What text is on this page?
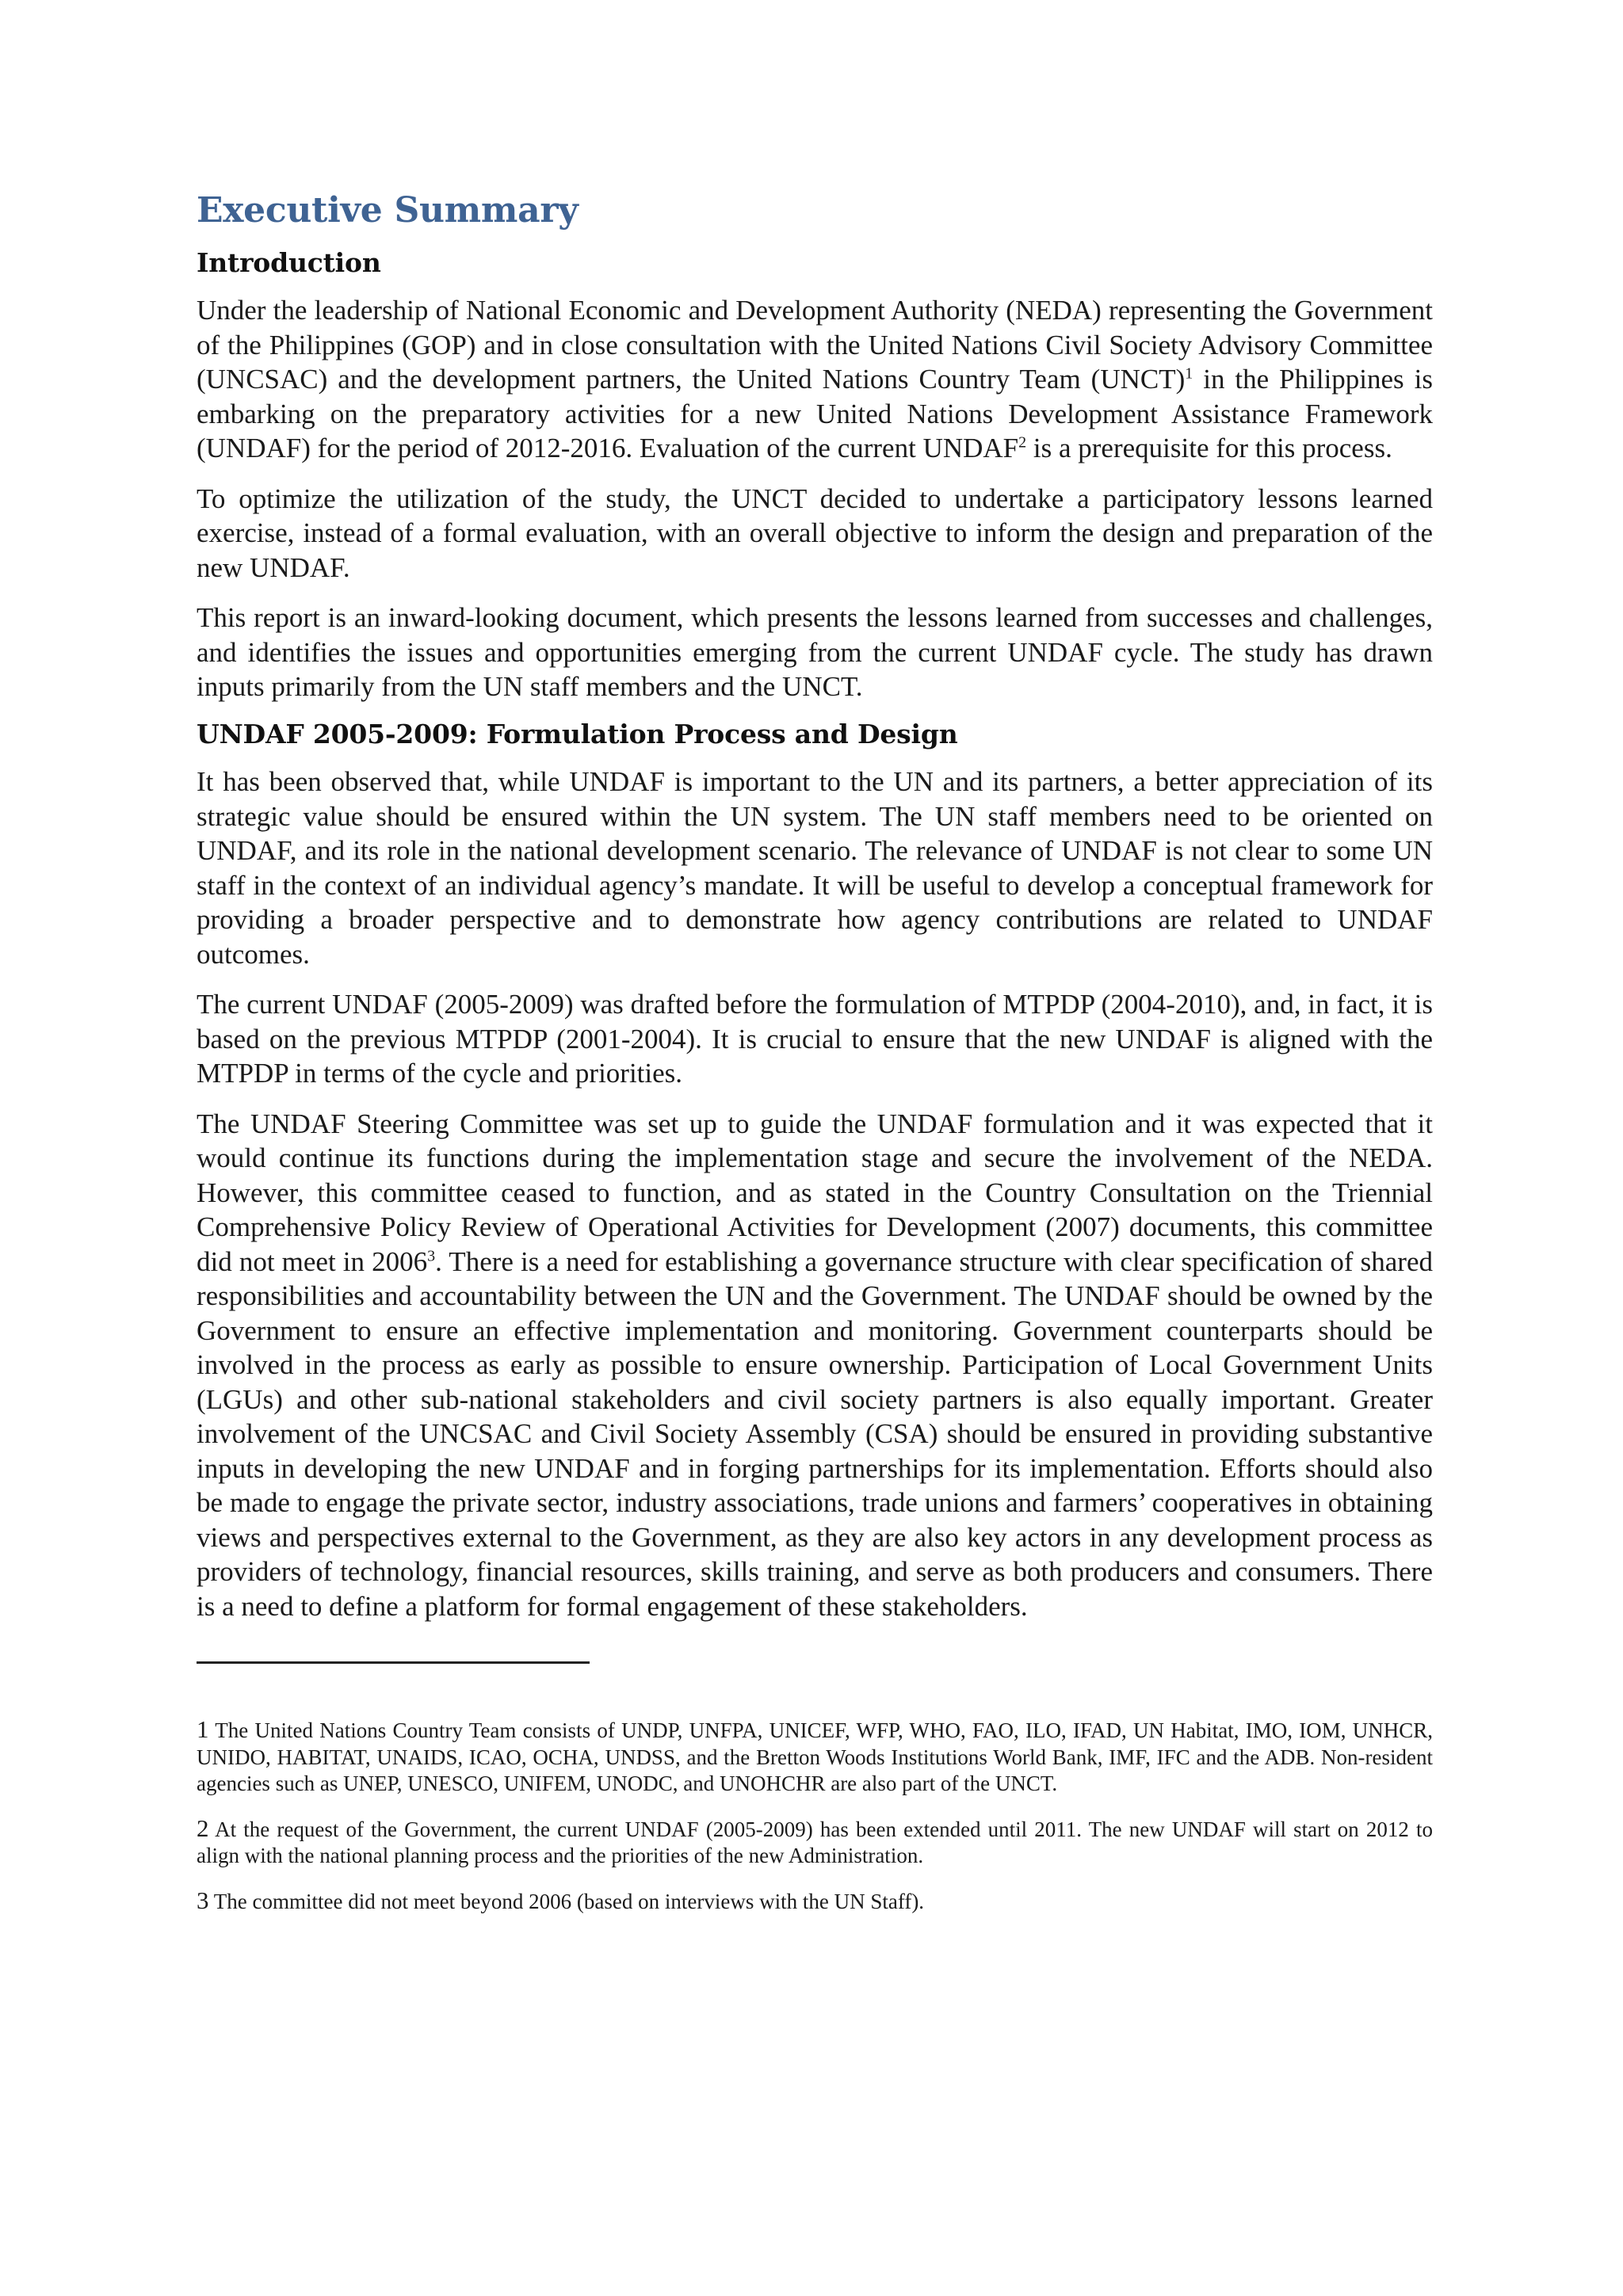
Executive Summary
Introduction

Under the leadership of National Economic and Development Authority (NEDA) representing the Government of the Philippines (GOP) and in close consultation with the United Nations Civil Society Advisory Committee (UNCSAC) and the development partners, the United Nations Country Team (UNCT)$^1$ in the Philippines is embarking on the preparatory activities for a new United Nations Development Assistance Framework (UNDAF) for the period of 2012-2016. Evaluation of the current UNDAF$^2$ is a prerequisite for this process.

To optimize the utilization of the study, the UNCT decided to undertake a participatory lessons learned exercise, instead of a formal evaluation, with an overall objective to inform the design and preparation of the new UNDAF.

This report is an inward-looking document, which presents the lessons learned from successes and challenges, and identifies the issues and opportunities emerging from the current UNDAF cycle. The study has drawn inputs primarily from the UN staff members and the UNCT.

UNDAF 2005-2009: Formulation Process and Design

It has been observed that, while UNDAF is important to the UN and its partners, a better appreciation of its strategic value should be ensured within the UN system. The UN staff members need to be oriented on UNDAF, and its role in the national development scenario. The relevance of UNDAF is not clear to some UN staff in the context of an individual agency’s mandate. It will be useful to develop a conceptual framework for providing a broader perspective and to demonstrate how agency contributions are related to UNDAF outcomes.

The current UNDAF (2005-2009) was drafted before the formulation of MTPDP (2004-2010), and, in fact, it is based on the previous MTPDP (2001-2004). It is crucial to ensure that the new UNDAF is aligned with the MTPDP in terms of the cycle and priorities.

The UNDAF Steering Committee was set up to guide the UNDAF formulation and it was expected that it would continue its functions during the implementation stage and secure the involvement of the NEDA. However, this committee ceased to function, and as stated in the Country Consultation on the Triennial Comprehensive Policy Review of Operational Activities for Development (2007) documents, this committee did not meet in 2006$^3$. There is a need for establishing a governance structure with clear specification of shared responsibilities and accountability between the UN and the Government. The UNDAF should be owned by the Government to ensure an effective implementation and monitoring. Government counterparts should be involved in the process as early as possible to ensure ownership. Participation of Local Government Units (LGUs) and other sub-national stakeholders and civil society partners is also equally important. Greater involvement of the UNCSAC and Civil Society Assembly (CSA) should be ensured in providing substantive inputs in developing the new UNDAF and in forging partnerships for its implementation. Efforts should also be made to engage the private sector, industry associations, trade unions and farmers’ cooperatives in obtaining views and perspectives external to the Government, as they are also key actors in any development process as providers of technology, financial resources, skills training, and serve as both producers and consumers. There is a need to define a platform for formal engagement of these stakeholders.

1 The United Nations Country Team consists of UNDP, UNFPA, UNICEF, WFP, WHO, FAO, ILO, IFAD, UN Habitat, IMO, IOM, UNHCR, UNIDO, HABITAT, UNAIDS, ICAO, OCHA, UNDSS, and the Bretton Woods Institutions World Bank, IMF, IFC and the ADB. Non-resident agencies such as UNEP, UNESCO, UNIFEM, UNODC, and UNOHCHR are also part of the UNCT.

2 At the request of the Government, the current UNDAF (2005-2009) has been extended until 2011. The new UNDAF will start on 2012 to align with the national planning process and the priorities of the new Administration.

3 The committee did not meet beyond 2006 (based on interviews with the UN Staff).
